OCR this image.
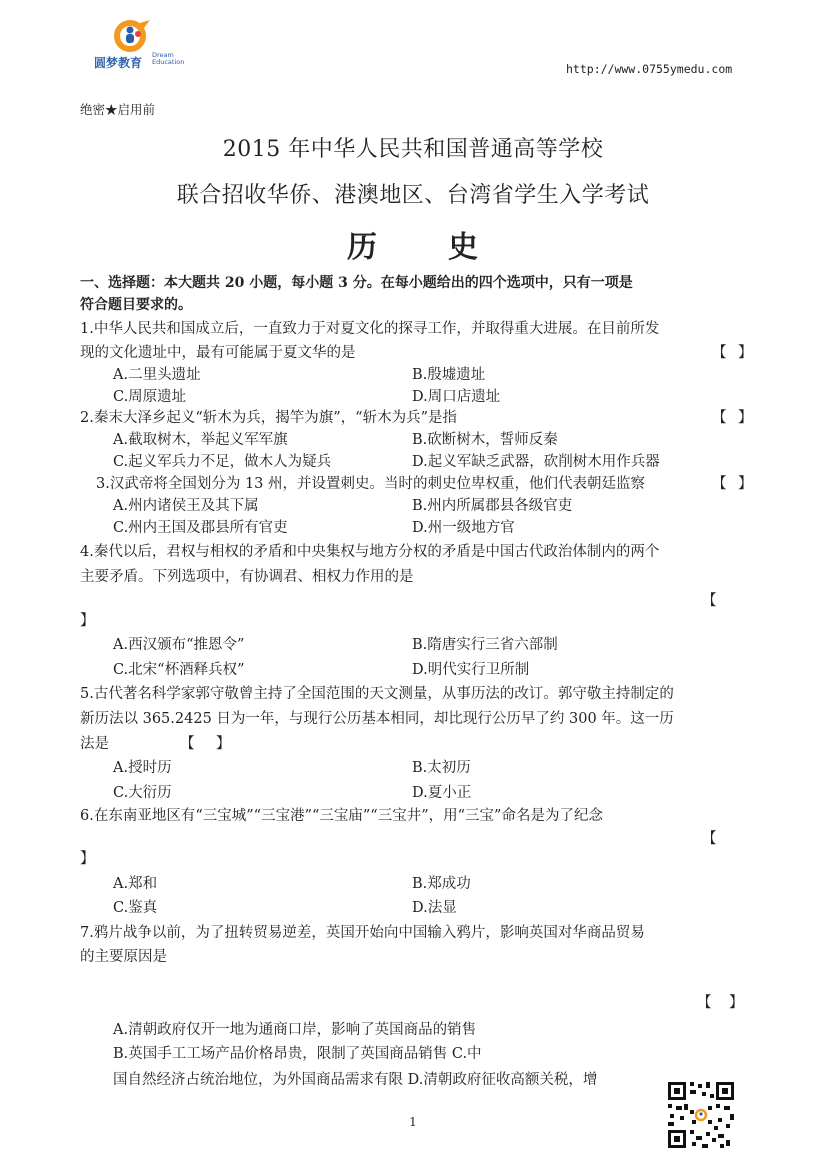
圆梦教育
Dream Education	http://www.0755ymedu.com
绝密★启用前
2015 年中华人民共和国普通高等学校
联合招收华侨、港澳地区、台湾省学生入学考试
历 史
一、选择题：本大题共 20 小题，每小题 3 分。在每小题给出的四个选项中，只有一项是
符合题目要求的。
1.中华人民共和国成立后，一直致力于对夏文化的探寻工作，并取得重大进展。在目前所发
现的文化遗址中，最有可能属于夏文华的是	【 】
A.二里头遗址	B.殷墟遗址
C.周原遗址	D.周口店遗址
2.秦末大泽乡起义“斩木为兵，揭竿为旗”，“斩木为兵”是指	【 】
A.截取树木，举起义军军旗	B.砍断树木，誓师反秦
C.起义军兵力不足，做木人为疑兵	D.起义军缺乏武器，砍削树木用作兵器
3.汉武帝将全国划分为 13 州，并设置刺史。当时的刺史位卑权重，他们代表朝廷监察	【 】
A.州内诸侯王及其下属	B.州内所属郡县各级官吏
C.州内王国及郡县所有官吏	D.州一级地方官
4.秦代以后，君权与相权的矛盾和中央集权与地方分权的矛盾是中国古代政治体制内的两个
主要矛盾。下列选项中，有协调君、相权力作用的是
【
】
A.西汉颁布“推恩令”	B.隋唐实行三省六部制
C.北宋“杯酒释兵权”	D.明代实行卫所制
5.古代著名科学家郭守敬曾主持了全国范围的天文测量，从事历法的改订。郭守敬主持制定的
新历法以 365.2425 日为一年，与现行公历基本相同，却比现行公历早了约 300 年。这一历
法是	【 】
A.授时历	B.太初历
C.大衍历	D.夏小正
6.在东南亚地区有“三宝城”“三宝港”“三宝庙”“三宝井”，用“三宝”命名是为了纪念
【
】
A.郑和	B.郑成功
C.鉴真	D.法显
7.鸦片战争以前，为了扭转贸易逆差，英国开始向中国输入鸦片，影响英国对华商品贸易
的主要原因是
【 】
A.清朝政府仅开一地为通商口岸，影响了英国商品的销售
B.英国手工工场产品价格昂贵，限制了英国商品销售 C.中
国自然经济占统治地位，为外国商品需求有限 D.清朝政府征收高额关税，增
1
